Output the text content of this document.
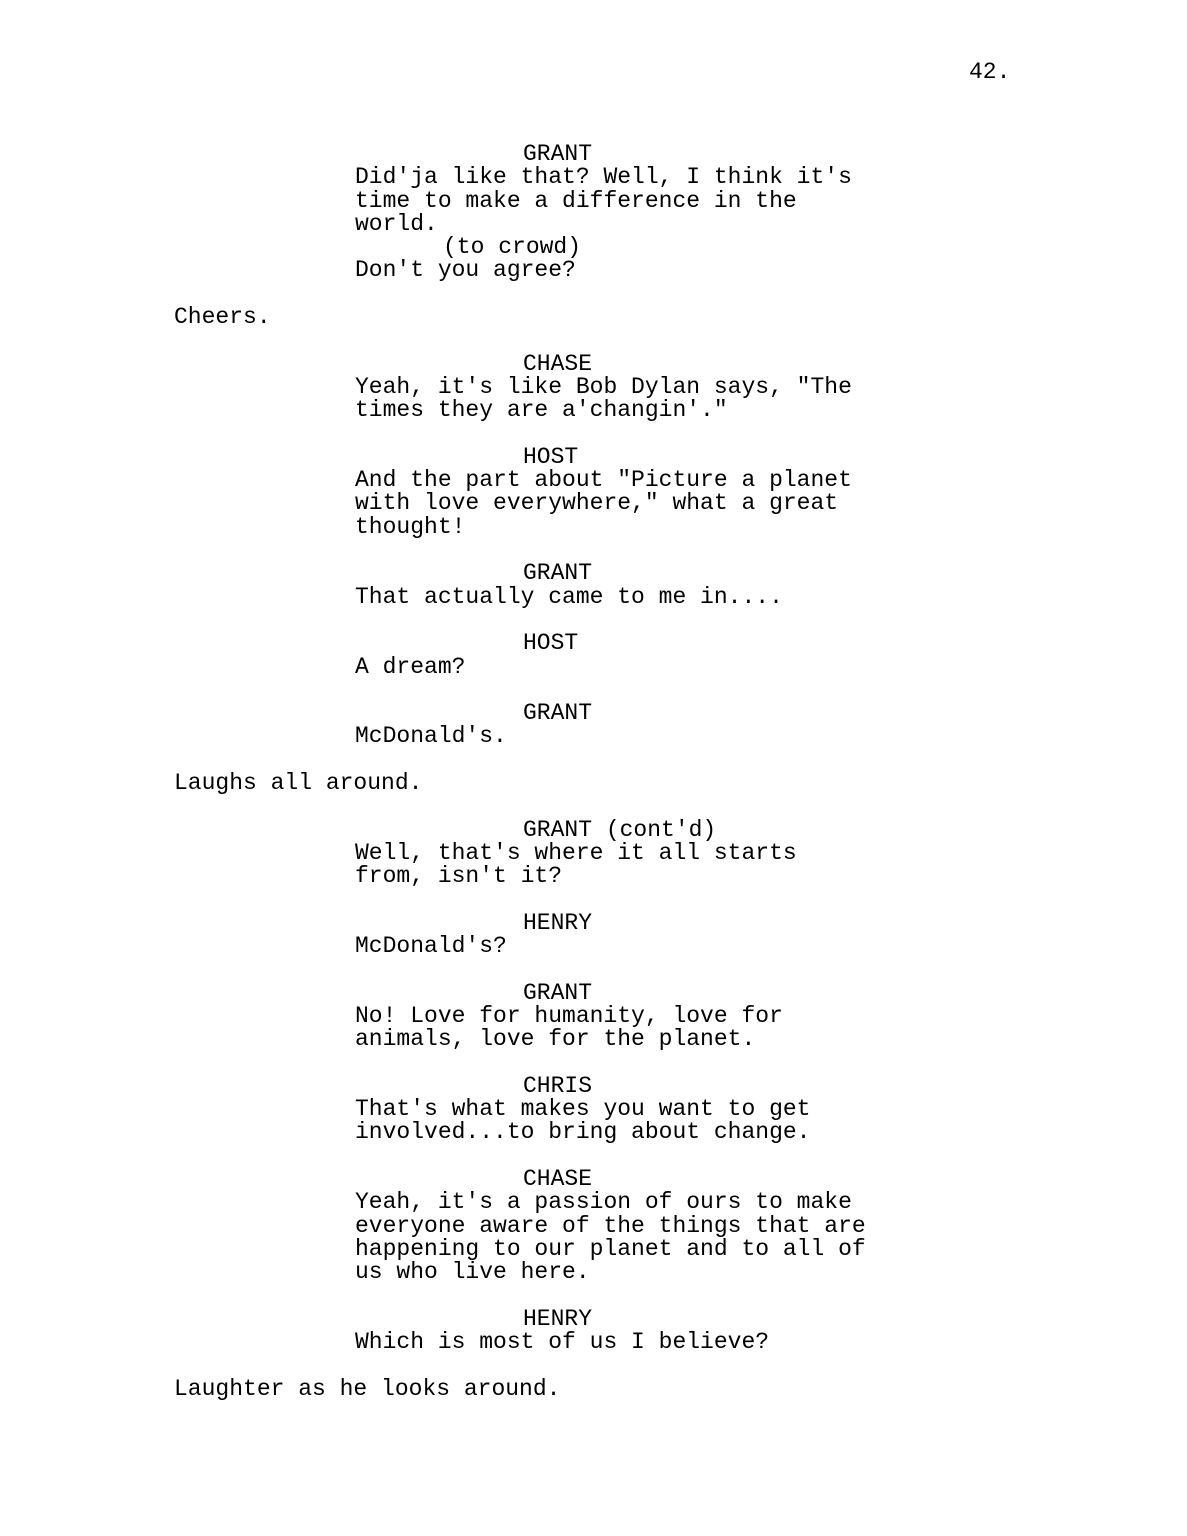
42.
GRANT
Did'ja like that? Well, I think it's
time to make a difference in the
world.
(to crowd)
Don't you agree?
Cheers.
CHASE
Yeah, it's like Bob Dylan says, "The
times they are a'changin'."
HOST
And the part about "Picture a planet
with love everywhere," what a great
thought!
GRANT
That actually came to me in....
HOST
A dream?
GRANT
McDonald's.
Laughs all around.
GRANT (cont'd)
Well, that's where it all starts
from, isn't it?
HENRY
McDonald's?
GRANT
No! Love for humanity, love for
animals, love for the planet.
CHRIS
That's what makes you want to get
involved...to bring about change.
CHASE
Yeah, it's a passion of ours to make
everyone aware of the things that are
happening to our planet and to all of
us who live here.
HENRY
Which is most of us I believe?
Laughter as he looks around.
